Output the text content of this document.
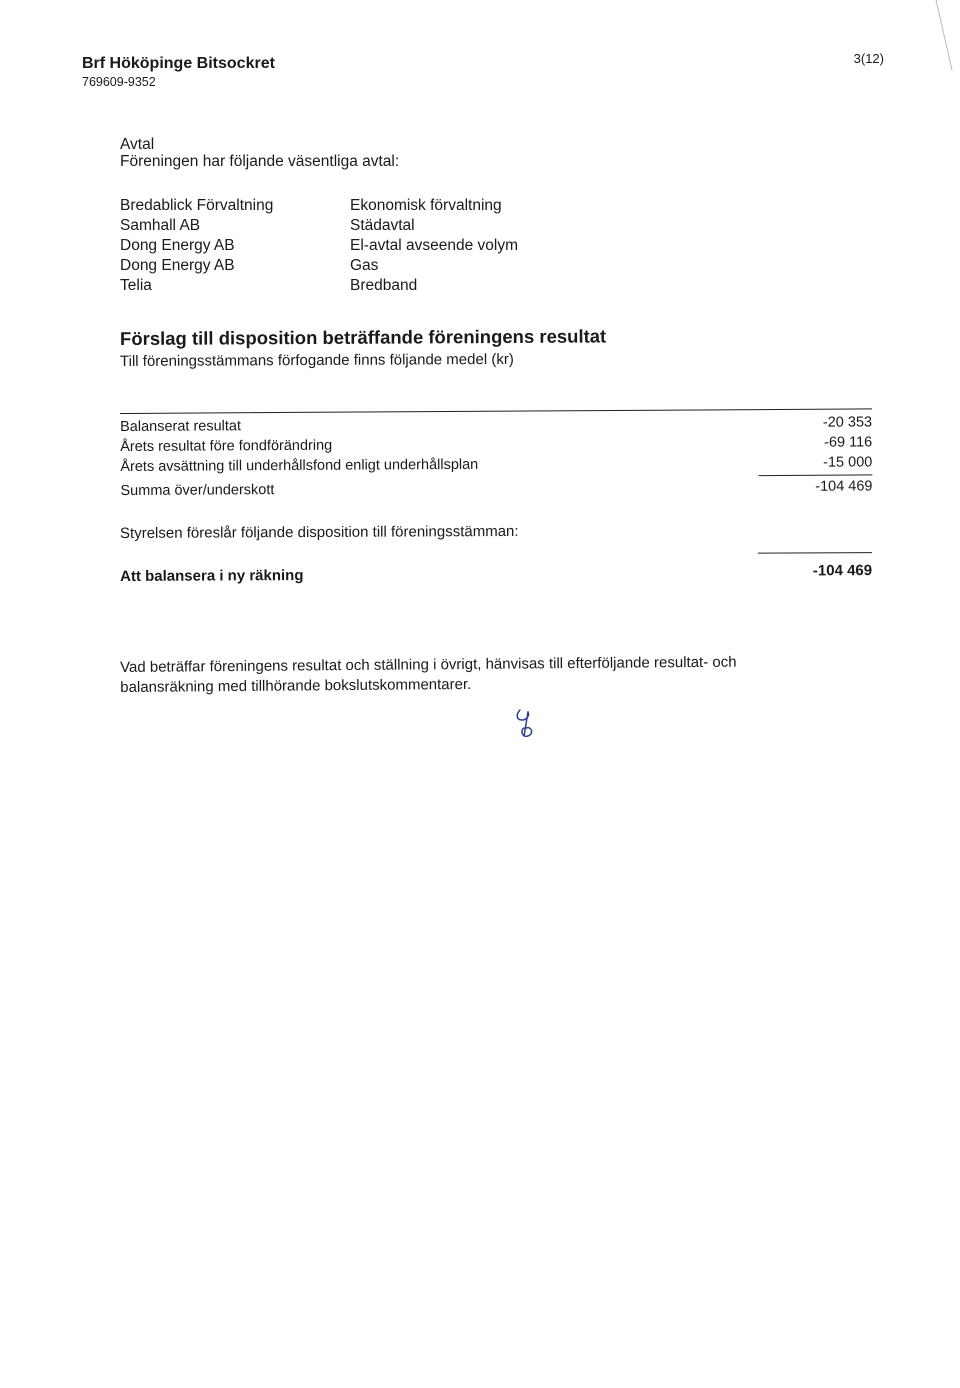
Brf Hököpinge Bitsockret
769609-9352
3(12)
Avtal
Föreningen har följande väsentliga avtal:
Bredablick Förvaltning	Ekonomisk förvaltning
Samhall AB	Städavtal
Dong Energy AB	El-avtal avseende volym
Dong Energy AB	Gas
Telia	Bredband
Förslag till disposition beträffande föreningens resultat
Till föreningsstämmans förfogande finns följande medel (kr)
Balanserat resultat	-20 353
Årets resultat före fondförändring	-69 116
Årets avsättning till underhållsfond enligt underhållsplan	-15 000
Summa över/underskott	-104 469
Styrelsen föreslår följande disposition till föreningsstämman:
Att balansera i ny räkning	-104 469
Vad beträffar föreningens resultat och ställning i övrigt, hänvisas till efterföljande resultat- och
balansräkning med tillhörande bokslutskommentarer.
